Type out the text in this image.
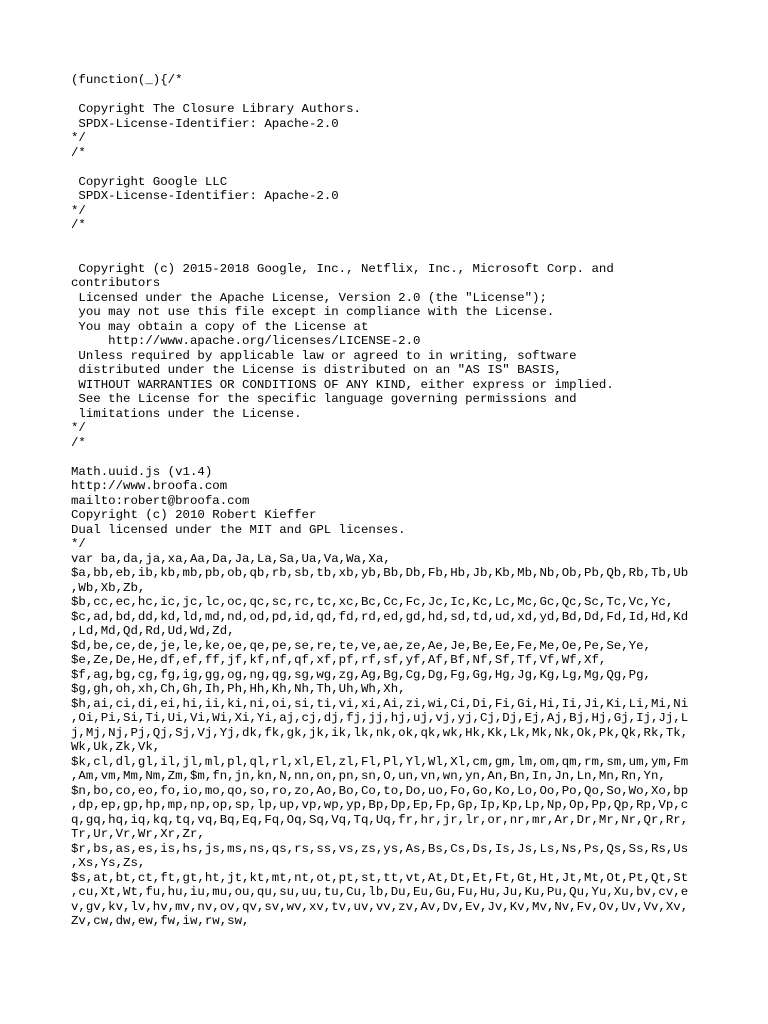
(function(_){/*
Copyright The Closure Library Authors.
SPDX-License-Identifier: Apache-2.0
*/
/*
Copyright Google LLC
SPDX-License-Identifier: Apache-2.0
*/
/*
Copyright (c) 2015-2018 Google, Inc., Netflix, Inc., Microsoft Corp. and
contributors
Licensed under the Apache License, Version 2.0 (the "License");
you may not use this file except in compliance with the License.
You may obtain a copy of the License at
http://www.apache.org/licenses/LICENSE-2.0
Unless required by applicable law or agreed to in writing, software
distributed under the License is distributed on an "AS IS" BASIS,
WITHOUT WARRANTIES OR CONDITIONS OF ANY KIND, either express or implied.
See the License for the specific language governing permissions and
limitations under the License.
*/
/*
Math.uuid.js (v1.4)
http://www.broofa.com
mailto:robert@broofa.com
Copyright (c) 2010 Robert Kieffer
Dual licensed under the MIT and GPL licenses.
*/
var ba,da,ja,xa,Aa,Da,Ja,La,Sa,Ua,Va,Wa,Xa,
$a,bb,eb,ib,kb,mb,pb,ob,qb,rb,sb,tb,xb,yb,Bb,Db,Fb,Hb,Jb,Kb,Mb,Nb,Ob,Pb,Qb,Rb,Tb,Ub
,Wb,Xb,Zb,
$b,cc,ec,hc,ic,jc,lc,oc,qc,sc,rc,tc,xc,Bc,Cc,Fc,Jc,Ic,Kc,Lc,Mc,Gc,Qc,Sc,Tc,Vc,Yc,
$c,ad,bd,dd,kd,ld,md,nd,od,pd,id,qd,fd,rd,ed,gd,hd,sd,td,ud,xd,yd,Bd,Dd,Fd,Id,Hd,Kd
,Ld,Md,Qd,Rd,Ud,Wd,Zd,
$d,be,ce,de,je,le,ke,oe,qe,pe,se,re,te,ve,ae,ze,Ae,Je,Be,Ee,Fe,Me,Oe,Pe,Se,Ye,
$e,Ze,De,He,df,ef,ff,jf,kf,nf,qf,xf,pf,rf,sf,yf,Af,Bf,Nf,Sf,Tf,Vf,Wf,Xf,
$f,ag,bg,cg,fg,ig,gg,og,ng,qg,sg,wg,zg,Ag,Bg,Cg,Dg,Fg,Gg,Hg,Jg,Kg,Lg,Mg,Qg,Pg,
$g,gh,oh,xh,Ch,Gh,Ih,Ph,Hh,Kh,Nh,Th,Uh,Wh,Xh,
$h,ai,ci,di,ei,hi,ii,ki,ni,oi,si,ti,vi,xi,Ai,zi,wi,Ci,Di,Fi,Gi,Hi,Ii,Ji,Ki,Li,Mi,Ni
,Oi,Pi,Si,Ti,Ui,Vi,Wi,Xi,Yi,aj,cj,dj,fj,jj,hj,uj,vj,yj,Cj,Dj,Ej,Aj,Bj,Hj,Gj,Ij,Jj,L
j,Mj,Nj,Pj,Qj,Sj,Vj,Yj,dk,fk,gk,jk,ik,lk,nk,ok,qk,wk,Hk,Kk,Lk,Mk,Nk,Ok,Pk,Qk,Rk,Tk,
Wk,Uk,Zk,Vk,
$k,cl,dl,gl,il,jl,ml,pl,ql,rl,xl,El,zl,Fl,Pl,Yl,Wl,Xl,cm,gm,lm,om,qm,rm,sm,um,ym,Fm
,Am,vm,Mm,Nm,Zm,$m,fn,jn,kn,N,nn,on,pn,sn,O,un,vn,wn,yn,An,Bn,In,Jn,Ln,Mn,Rn,Yn,
$n,bo,co,eo,fo,io,mo,qo,so,ro,zo,Ao,Bo,Co,to,Do,uo,Fo,Go,Ko,Lo,Oo,Po,Qo,So,Wo,Xo,bp
,dp,ep,gp,hp,mp,np,op,sp,lp,up,vp,wp,yp,Bp,Dp,Ep,Fp,Gp,Ip,Kp,Lp,Np,Op,Pp,Qp,Rp,Vp,c
q,gq,hq,iq,kq,tq,vq,Bq,Eq,Fq,Oq,Sq,Vq,Tq,Uq,fr,hr,jr,lr,or,nr,mr,Ar,Dr,Mr,Nr,Qr,Rr,
Tr,Ur,Vr,Wr,Xr,Zr,
$r,bs,as,es,is,hs,js,ms,ns,qs,rs,ss,vs,zs,ys,As,Bs,Cs,Ds,Is,Js,Ls,Ns,Ps,Qs,Ss,Rs,Us
,Xs,Ys,Zs,
$s,at,bt,ct,ft,gt,ht,jt,kt,mt,nt,ot,pt,st,tt,vt,At,Dt,Et,Ft,Gt,Ht,Jt,Mt,Ot,Pt,Qt,St
,cu,Xt,Wt,fu,hu,iu,mu,ou,qu,su,uu,tu,Cu,lb,Du,Eu,Gu,Fu,Hu,Ju,Ku,Pu,Qu,Yu,Xu,bv,cv,e
v,gv,kv,lv,hv,mv,nv,ov,qv,sv,wv,xv,tv,uv,vv,zv,Av,Dv,Ev,Jv,Kv,Mv,Nv,Fv,Ov,Uv,Vv,Xv,
Zv,cw,dw,ew,fw,iw,rw,sw,
